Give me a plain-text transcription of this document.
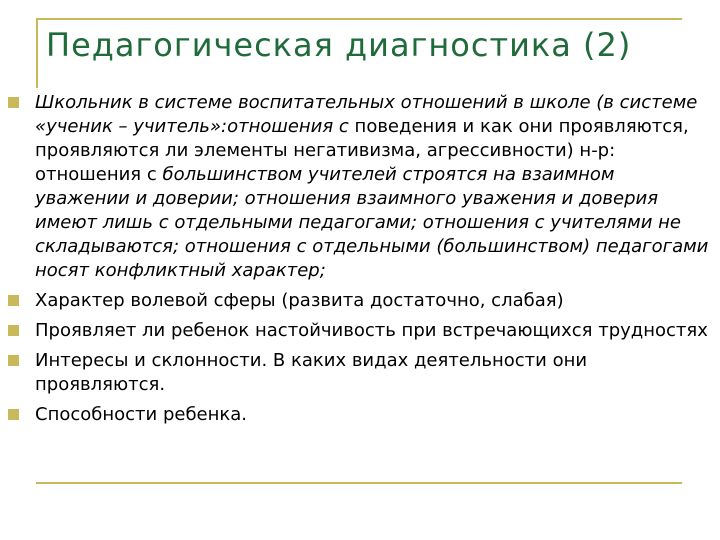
Педагогическая диагностика (2)
Школьник в системе воспитательных отношений в школе (в системе «ученик – учитель»:отношения с поведения и как они проявляются, проявляются ли элементы негативизма, агрессивности) н-р: отношения с большинством учителей строятся на взаимном уважении и доверии; отношения взаимного уважения и доверия имеют лишь с отдельными педагогами; отношения с учителями не складываются; отношения с отдельными (большинством) педагогами носят конфликтный характер;
Характер волевой сферы (развита достаточно, слабая)
Проявляет ли ребенок настойчивость при встречающихся трудностях
Интересы и склонности. В каких видах деятельности они проявляются.
Способности ребенка.
